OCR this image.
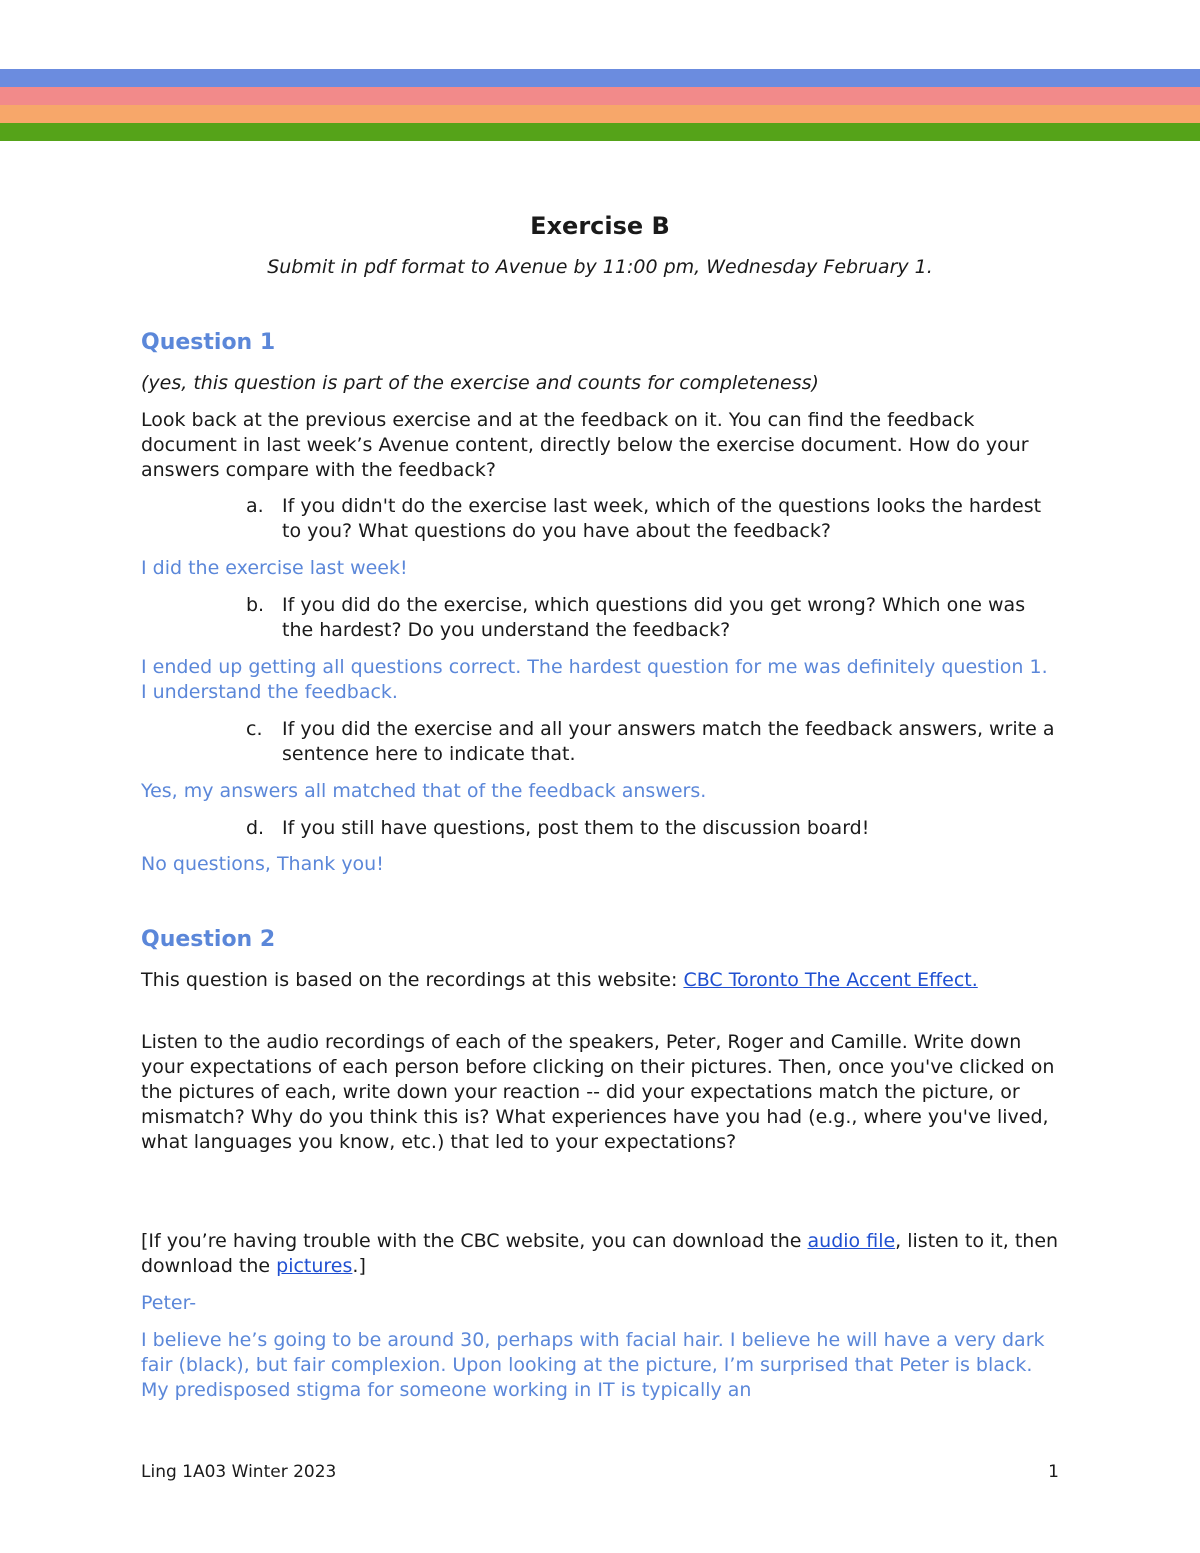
Exercise B
Submit in pdf format to Avenue by 11:00 pm, Wednesday February 1.
Question 1
(yes, this question is part of the exercise and counts for completeness)
Look back at the previous exercise and at the feedback on it. You can find the feedback document in last week’s Avenue content, directly below the exercise document. How do your answers compare with the feedback?
a. If you didn't do the exercise last week, which of the questions looks the hardest to you? What questions do you have about the feedback?
I did the exercise last week!
b. If you did do the exercise, which questions did you get wrong? Which one was the hardest? Do you understand the feedback?
I ended up getting all questions correct. The hardest question for me was definitely question 1. I understand the feedback.
c.	If you did the exercise and all your answers match the feedback answers, write a sentence here to indicate that.
Yes, my answers all matched that of the feedback answers.
d. If you still have questions, post them to the discussion board!
No questions, Thank you!
Question 2
This question is based on the recordings at this website: CBC Toronto The Accent Effect.
Listen to the audio recordings of each of the speakers, Peter, Roger and Camille. Write down your expectations of each person before clicking on their pictures. Then, once you've clicked on the pictures of each, write down your reaction -- did your expectations match the picture, or mismatch? Why do you think this is? What experiences have you had (e.g., where you've lived, what languages you know, etc.) that led to your expectations?
[If you’re having trouble with the CBC website, you can download the audio file, listen to it, then download the pictures.]
Peter-
I believe he’s going to be around 30, perhaps with facial hair. I believe he will have a very dark fair (black), but fair complexion. Upon looking at the picture, I’m surprised that Peter is black. My predisposed stigma for someone working in IT is typically an
Ling 1A03 Winter 2023	1
